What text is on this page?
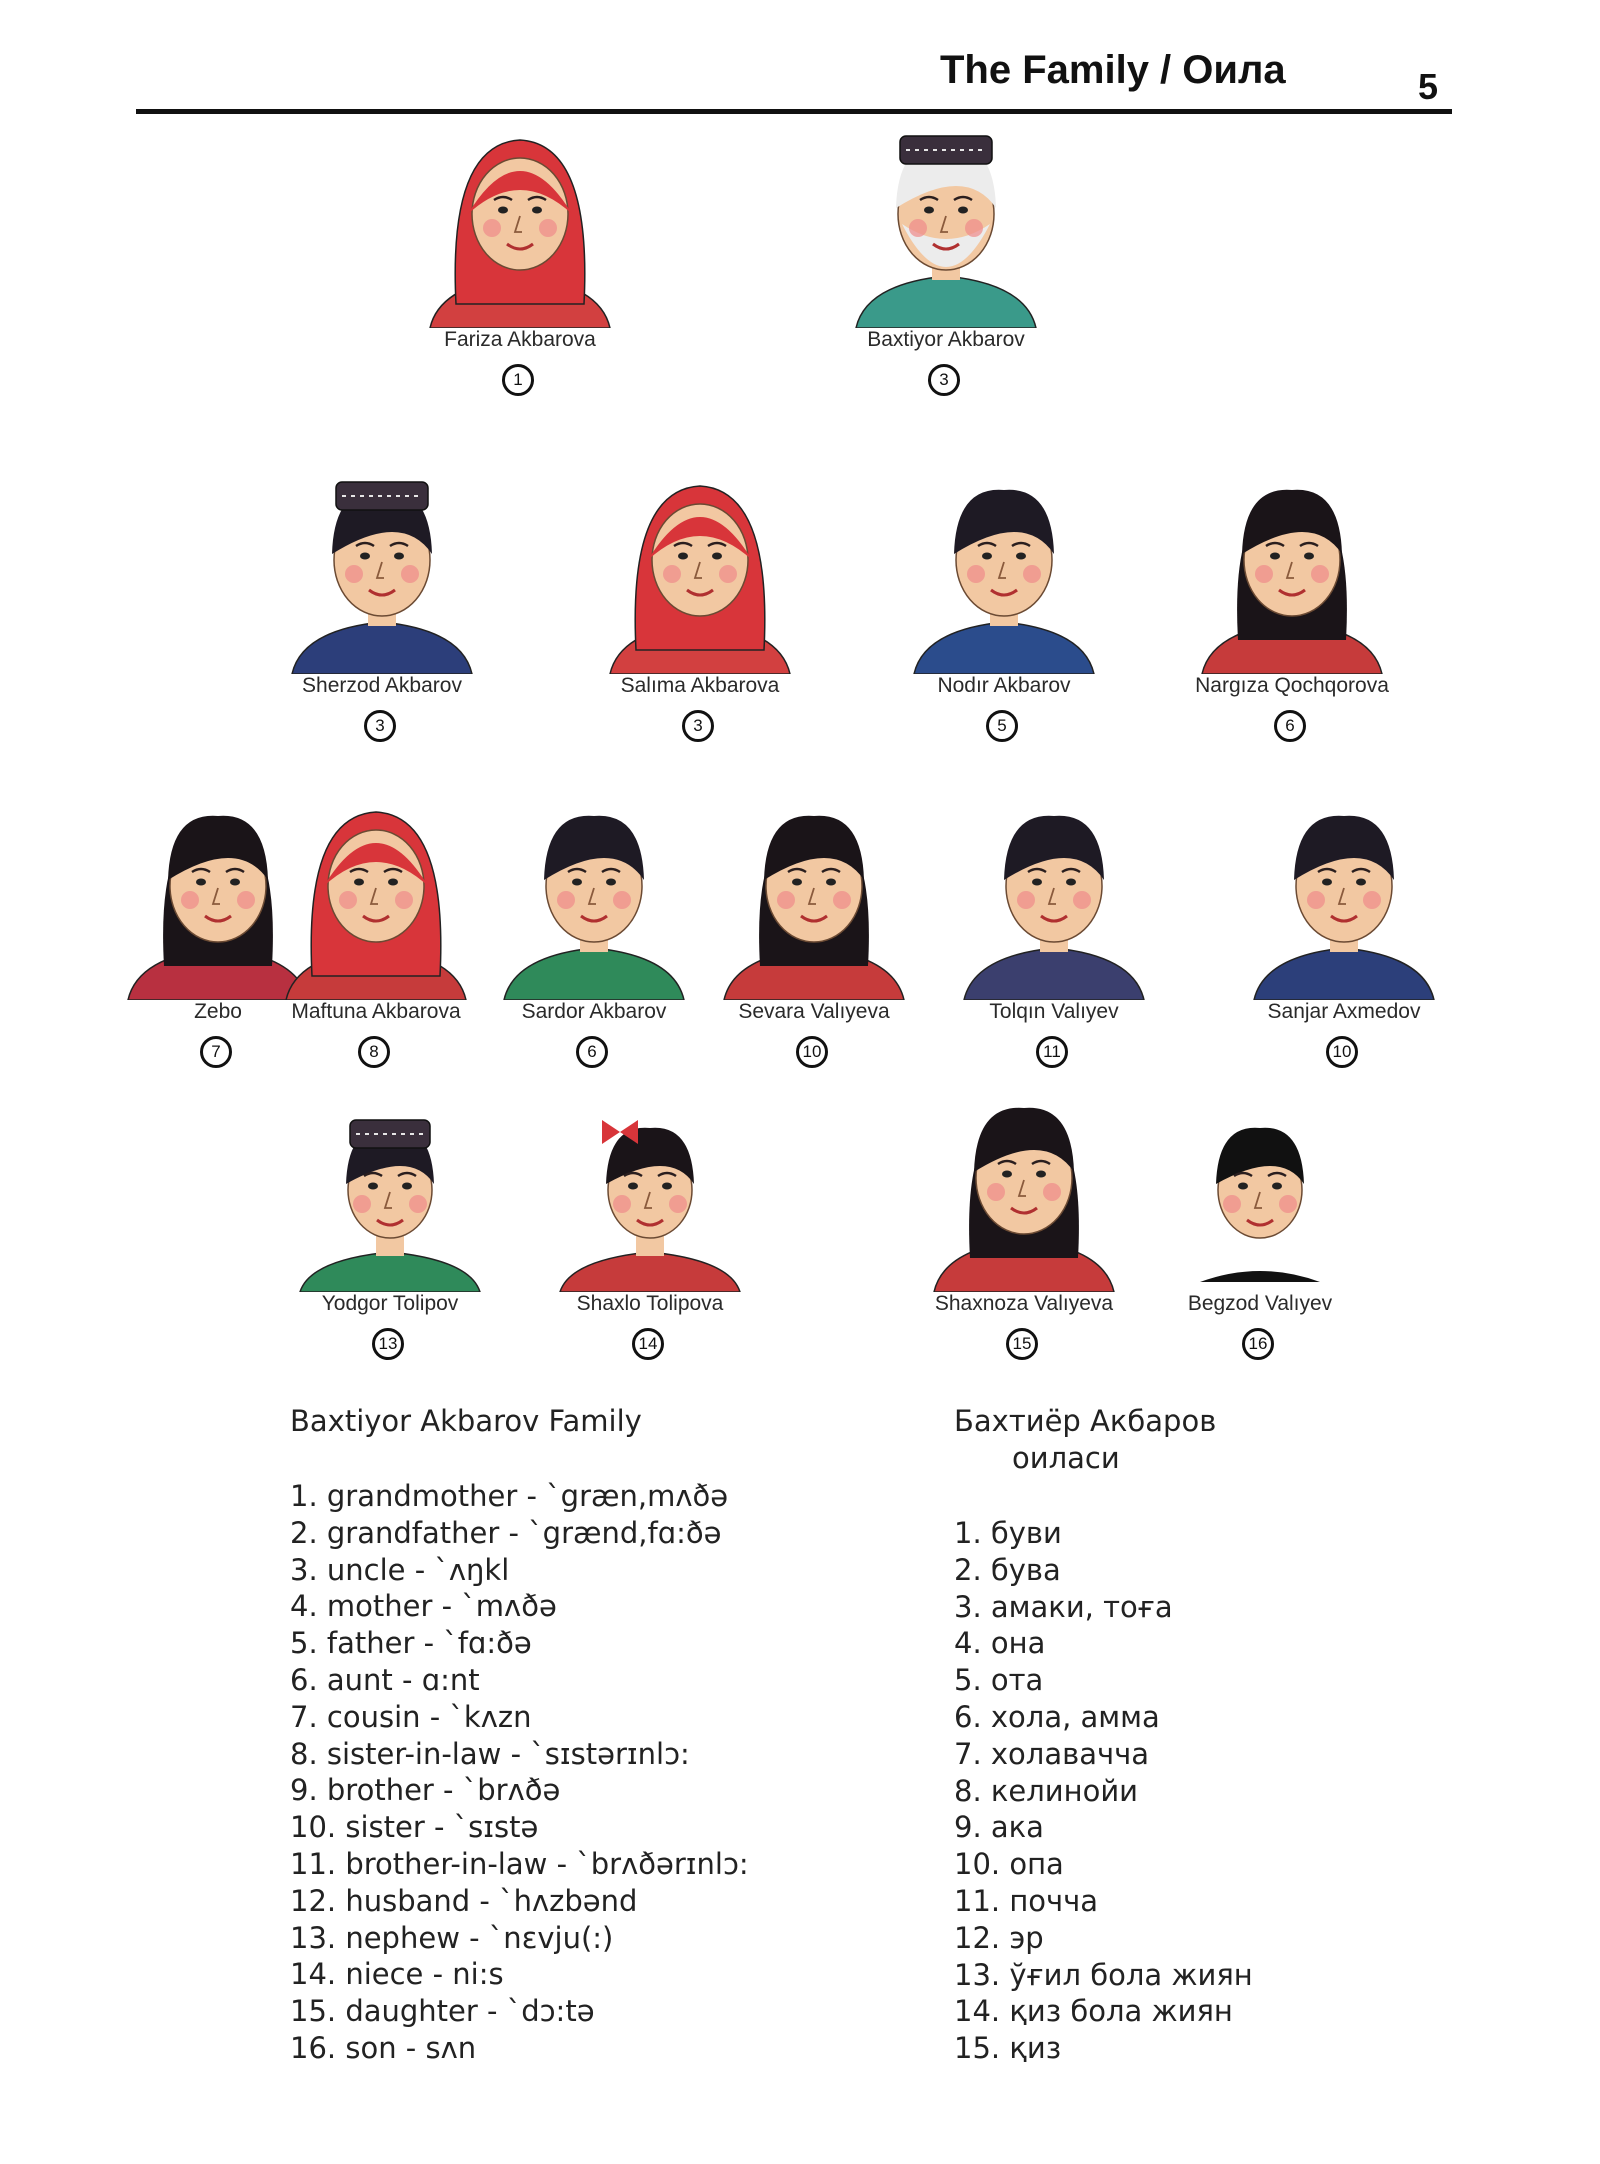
The Family / Оила	5
Fariza Akbarova
1
Baxtiyor Akbarov
3
Sherzod Akbarov
3
Salıma Akbarova
3
Nodır Akbarov
5
Nargıza Qochqorova
6
Zebo
7
Maftuna Akbarova
8
Sardor Akbarov
6
Sevara Valıyeva
10
Tolqın Valıyev
11
Sanjar Axmedov
10
Yodgor Tolipov
13
Shaxlo Tolipova
14
Shaxnoza Valıyeva
15
Begzod Valıyev
16
Baxtiyor Akbarov Family
1. grandmother - `græn,mʌðə
2. grandfather - `grænd,fɑ:ðə
3. uncle - `ʌŋkl
4. mother - `mʌðə
5. father - `fɑ:ðə
6. aunt - ɑ:nt
7. cousin - `kʌzn
8. sister-in-law - `sɪstərɪnlɔ:
9. brother - `brʌðə
10. sister - `sɪstə
11. brother-in-law - `brʌðərɪnlɔ:
12. husband - `hʌzbənd
13. nephew - `nɛvju(:)
14. niece - ni:s
15. daughter - `dɔ:tə
16. son - sʌn
Бахтиёр Акбаров
оиласи
1. буви
2. бува
3. амаки, тоға
4. она
5. ота
6. хола, амма
7. холавачча
8. келинойи
9. ака
10. опа
11. почча
12. эр
13. ўғил бола жиян
14. қиз бола жиян
15. қиз
